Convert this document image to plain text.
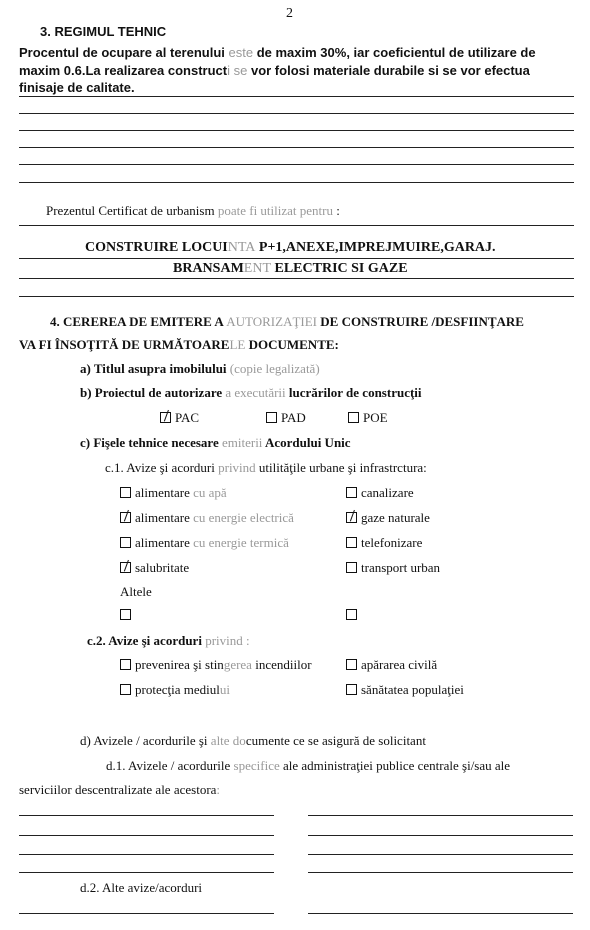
2
3. REGIMUL TEHNIC
Procentul de ocupare al terenului este de maxim 30%, iar coeficientul de utilizare de
maxim 0.6.La realizarea constructi se vor folosi materiale durabile si se vor efectua
finisaje de calitate.
Prezentul Certificat de urbanism poate fi utilizat pentru :
CONSTRUIRE LOCUINTA P+1,ANEXE,IMPREJMUIRE,GARAJ.
BRANSAMENT ELECTRIC SI GAZE
4. CEREREA DE EMITERE A AUTORIZAŢIEI DE CONSTRUIRE /DESFIINŢARE
VA FI ÎNSOŢITĂ DE URMĂTOARELE DOCUMENTE:
a) Titlul asupra imobilului (copie legalizată)
b) Proiectul de autorizare a executării lucrărilor de construcţii
PAC	PAD	POE
c) Fişele tehnice necesare emiterii Acordului Unic
c.1. Avize şi acorduri privind utilităţile urbane şi infrastrctura:
alimentare cu apă
alimentare cu energie electrică
alimentare cu energie termică
salubritate
canalizare
gaze naturale
telefonizare
transport urban
Altele
c.2. Avize şi acorduri privind :
prevenirea şi stingerea incendiilor
protecţia mediului
apărarea civilă
sănătatea populaţiei
d) Avizele / acordurile şi alte documente ce se asigură de solicitant
d.1. Avizele / acordurile specifice ale administraţiei publice centrale şi/sau ale
serviciilor descentralizate ale acestora:
d.2. Alte avize/acorduri
